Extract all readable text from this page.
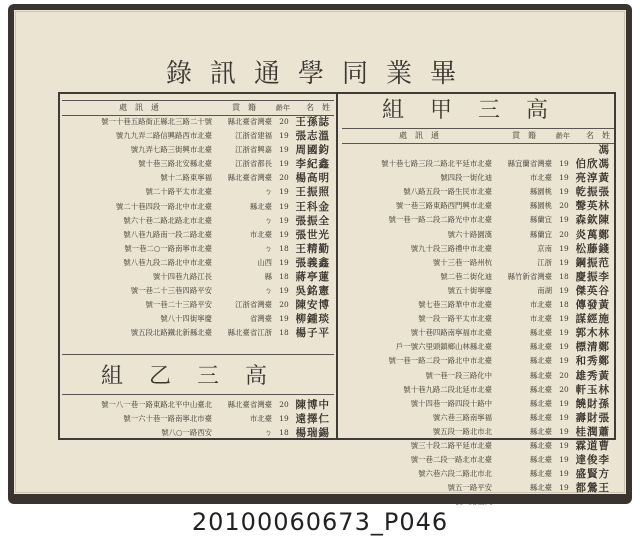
錄訊通學同業畢
組甲三高
名　姓
齡年
貫　籍
處　訊　通
馮
伯欣馮
19
縣宜蘭省灣臺
號十巷七路三段二路北平延市北臺
亮淳黃
19
市北臺
號四段一街化迪
乾振張
19
縣園桃
號八路五段一路生民市北臺
聲英林
20
縣園桃
號一巷三路東路西門興市北臺
森欽陳
19
縣蘭宜
號一巷一路二段二路光中市北臺
炎萬鄭
20
縣蘭宜
號六十路園漢
松藤錢
19
京南
號九十段三路禮中市北臺
鋼振范
19
江浙
號十三巷一路州杭
慶振李
18
縣竹新省灣臺
號二巷二街化迪
傑英谷
19
南湖
號五十街寧慶
傳發黃
18
市北臺
號七巷三路華中市北臺
謀經施
19
市北臺
號一段一路平太市北臺
郭木林
19
縣北臺
號十巷四路南寧福市北臺
標清鄭
19
縣北臺
戶一號六里頭鎮鄉山林縣北臺
和秀鄭
19
縣北臺
號一巷一路二段一路北中市北臺
雄秀黃
20
縣北臺
號一巷一段三路化中
軒玉林
20
縣北臺
號十巷九路二段北延市北臺
饒財孫
19
縣北臺
號十四巷一路四段十路中
壽財張
19
縣北臺
號六巷三路南寧福
桂潤蕭
19
縣北臺
號五段一路北市北
霖道曹
19
縣北臺
號三十段二路平延市北臺
達俊李
19
縣北臺
號一巷二段一路北市北臺
盛賢方
19
縣北臺
號六巷六段二路北市北
都鶯王
19
縣北臺
號五一路平安
號八路生民
名　姓
齡年
貫　籍
處　訊　通
王孫誌
20
縣北臺省灣臺
號一十巷五路衙正縣北三路二十號
張志溫
19
江浙省建福
號九九弄二路信興路西市北臺
周國鈞
19
江浙省興嘉
號九弄七路三街興市北臺
李紀鑫
19
江浙省都長
號十巷三路北安縣北臺
楊高明
20
縣北臺省灣臺
號十二路東寧福
王振照
19
ㄅ
號二十路平太市北臺
王科金
19
縣北臺
號二十巷四段一路北中市北臺
張振全
19
ㄅ
號六十巷二路北路北市北臺
張世光
19
市北臺
號八巷九路南一段二路北臺
王精勤
18
ㄅ
號一巷二○一路南寧市北臺
張義鑫
19
山西
號八巷九段二路北中市北臺
蔣亭蓮
18
縣
號十四巷九路江長
吳銘憲
19
ㄅ
號一巷二十三巷四路平安
陳安博
20
江浙省灣臺
號一巷二十三路平安
柳鍾琰
19
省灣臺
號八十四街寧慶
楊子平
18
縣北臺省江浙
號五段北路鐵北新縣北臺
組乙三高
陳博中
20
縣北臺省灣臺
號一八一巷一路東路北平中山臺北
遠擇仁
19
市北臺
號一六十巷一路南寧北市臺
楊瑞錫
18
ㄅ
號八○一路西安
20100060673_P046
